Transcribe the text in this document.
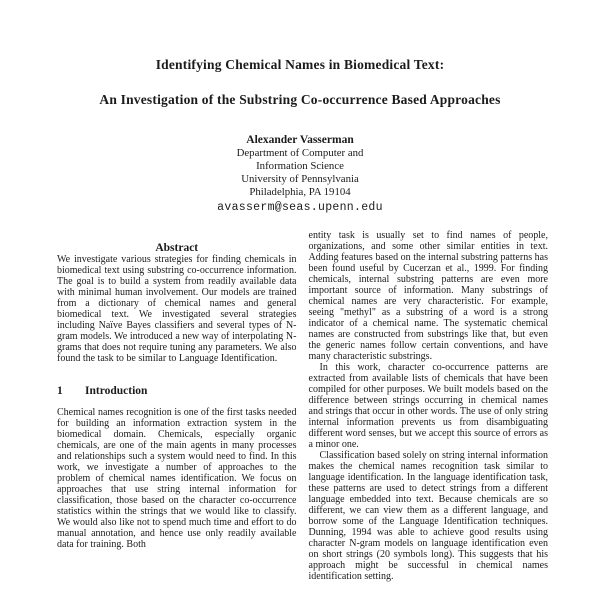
Identifying Chemical Names in Biomedical Text:
An Investigation of the Substring Co-occurrence Based Approaches
Alexander Vasserman
Department of Computer and
Information Science
University of Pennsylvania
Philadelphia, PA 19104
avasserm@seas.upenn.edu
Abstract

We investigate various strategies for finding chemicals in biomedical text using substring co-occurrence information. The goal is to build a system from readily available data with minimal human involvement. Our models are trained from a dictionary of chemical names and general biomedical text. We investigated several strategies including Naïve Bayes classifiers and several types of N-gram models. We introduced a new way of interpolating N-grams that does not require tuning any parameters. We also found the task to be similar to Language Identification.

1	Introduction

Chemical names recognition is one of the first tasks needed for building an information extraction system in the biomedical domain. Chemicals, especially organic chemicals, are one of the main agents in many processes and relationships such a system would need to find. In this work, we investigate a number of approaches to the problem of chemical names identification. We focus on approaches that use string internal information for classification, those based on the character co-occurrence statistics within the strings that we would like to classify. We would also like not to spend much time and effort to do manual annotation, and hence use only readily available data for training. Both

entity task is usually set to find names of people, organizations, and some other similar entities in text. Adding features based on the internal substring patterns has been found useful by Cucerzan et al., 1999. For finding chemicals, internal substring patterns are even more important source of information. Many substrings of chemical names are very characteristic. For example, seeing "methyl" as a substring of a word is a strong indicator of a chemical name. The systematic chemical names are constructed from substrings like that, but even the generic names follow certain conventions, and have many characteristic substrings.

In this work, character co-occurrence patterns are extracted from available lists of chemicals that have been compiled for other purposes. We built models based on the difference between strings occurring in chemical names and strings that occur in other words. The use of only string internal information prevents us from disambiguating different word senses, but we accept this source of errors as a minor one.

Classification based solely on string internal information makes the chemical names recognition task similar to language identification. In the language identification task, these patterns are used to detect strings from a different language embedded into text. Because chemicals are so different, we can view them as a different language, and borrow some of the Language Identification techniques. Dunning, 1994 was able to achieve good results using character N-gram models on language identification even on short strings (20 symbols long). This suggests that his approach might be successful in chemical names identification setting.
